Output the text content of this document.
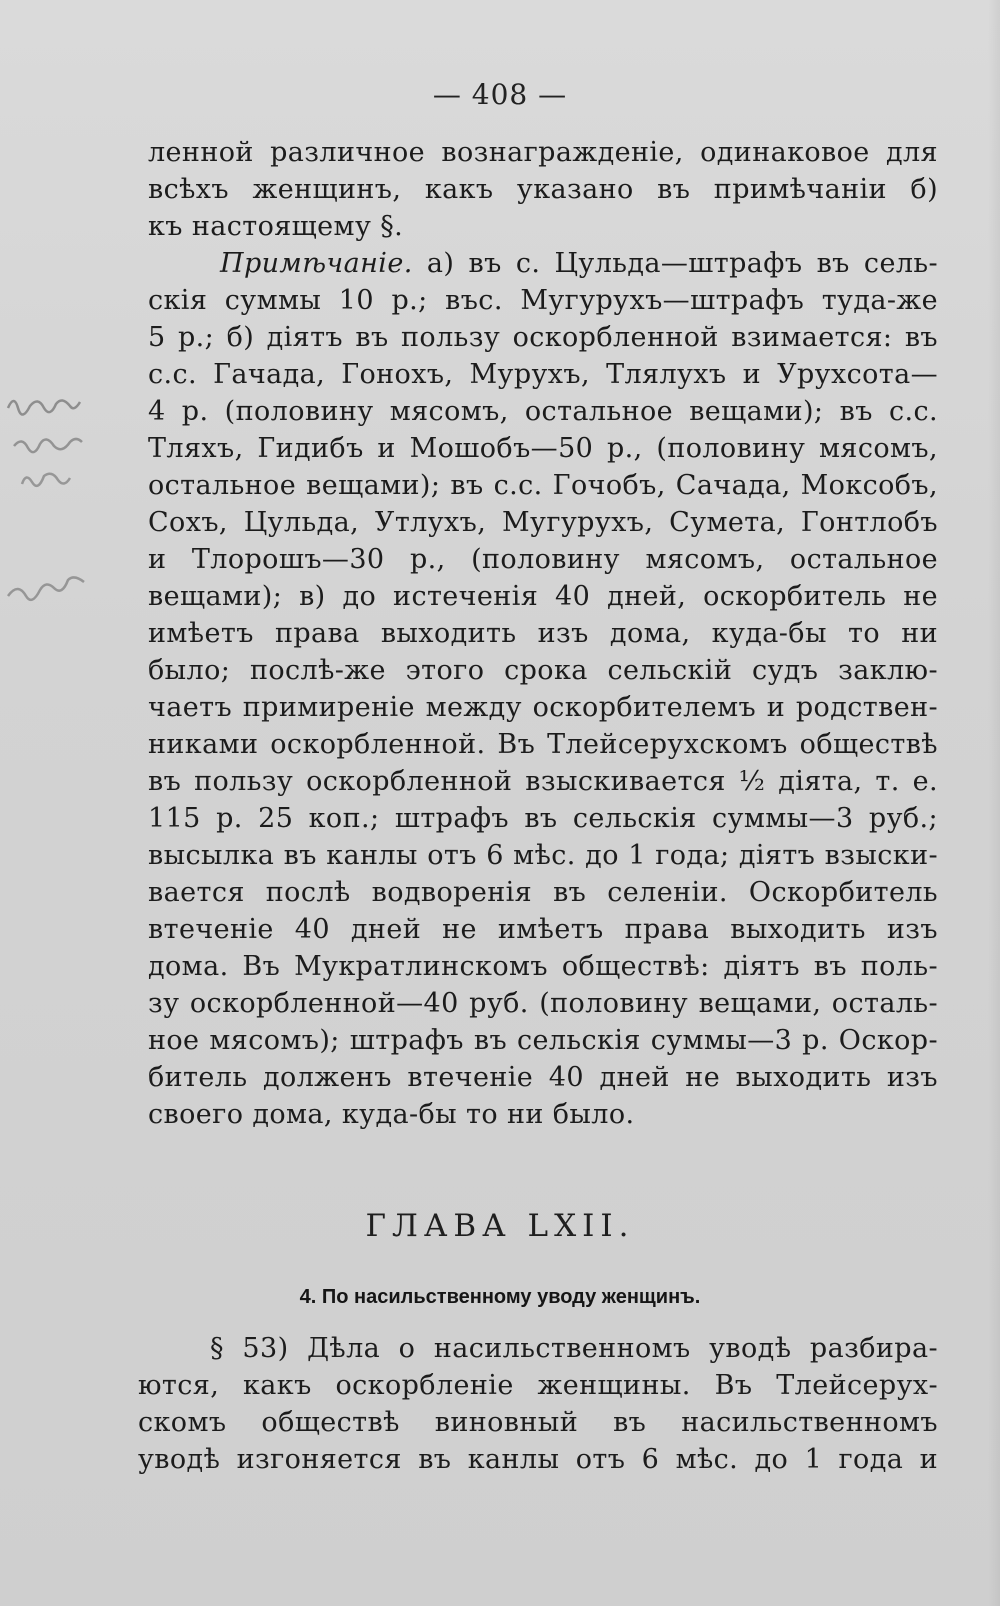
— 408 —
ленной различное вознагражденіе, одинаковое для
всѣхъ женщинъ, какъ указано въ примѣчаніи б)
къ настоящему §.
Примѣчаніе. а) въ с. Цульда—штрафъ въ сель-
скія суммы 10 р.; въс. Мугурухъ—штрафъ туда-же
5 р.; б) діятъ въ пользу оскорбленной взимается: въ
с.с. Гачада, Гонохъ, Мурухъ, Тлялухъ и Урухсота—
4 р. (половину мясомъ, остальное вещами); въ с.с.
Тляхъ, Гидибъ и Мошобъ—50 р., (половину мясомъ,
остальное вещами); въ с.с. Гочобъ, Сачада, Моксобъ,
Сохъ, Цульда, Утлухъ, Мугурухъ, Сумета, Гонтлобъ
и Тлорошъ—30 р., (половину мясомъ, остальное
вещами); в) до истеченія 40 дней, оскорбитель не
имѣетъ права выходить изъ дома, куда-бы то ни
было; послѣ-же этого срока сельскій судъ заклю-
чаетъ примиреніе между оскорбителемъ и родствен-
никами оскорбленной. Въ Тлейсерухскомъ обществѣ
въ пользу оскорбленной взыскивается ½ діята, т. е.
115 р. 25 коп.; штрафъ въ сельскія суммы—3 руб.;
высылка въ канлы отъ 6 мѣс. до 1 года; діятъ взыски-
вается послѣ водворенія въ селеніи. Оскорбитель
втеченіе 40 дней не имѣетъ права выходить изъ
дома. Въ Мукратлинскомъ обществѣ: діятъ въ поль-
зу оскорбленной—40 руб. (половину вещами, осталь-
ное мясомъ); штрафъ въ сельскія суммы—3 р. Оскор-
битель долженъ втеченіе 40 дней не выходить изъ
своего дома, куда-бы то ни было.
ГЛАВА LXII.
4. По насильственному уводу женщинъ.
§ 53) Дѣла о насильственномъ уводѣ разбира-
ются, какъ оскорбленіе женщины. Въ Тлейсерух-
скомъ обществѣ виновный въ насильственномъ
уводѣ изгоняется въ канлы отъ 6 мѣс. до 1 года и
